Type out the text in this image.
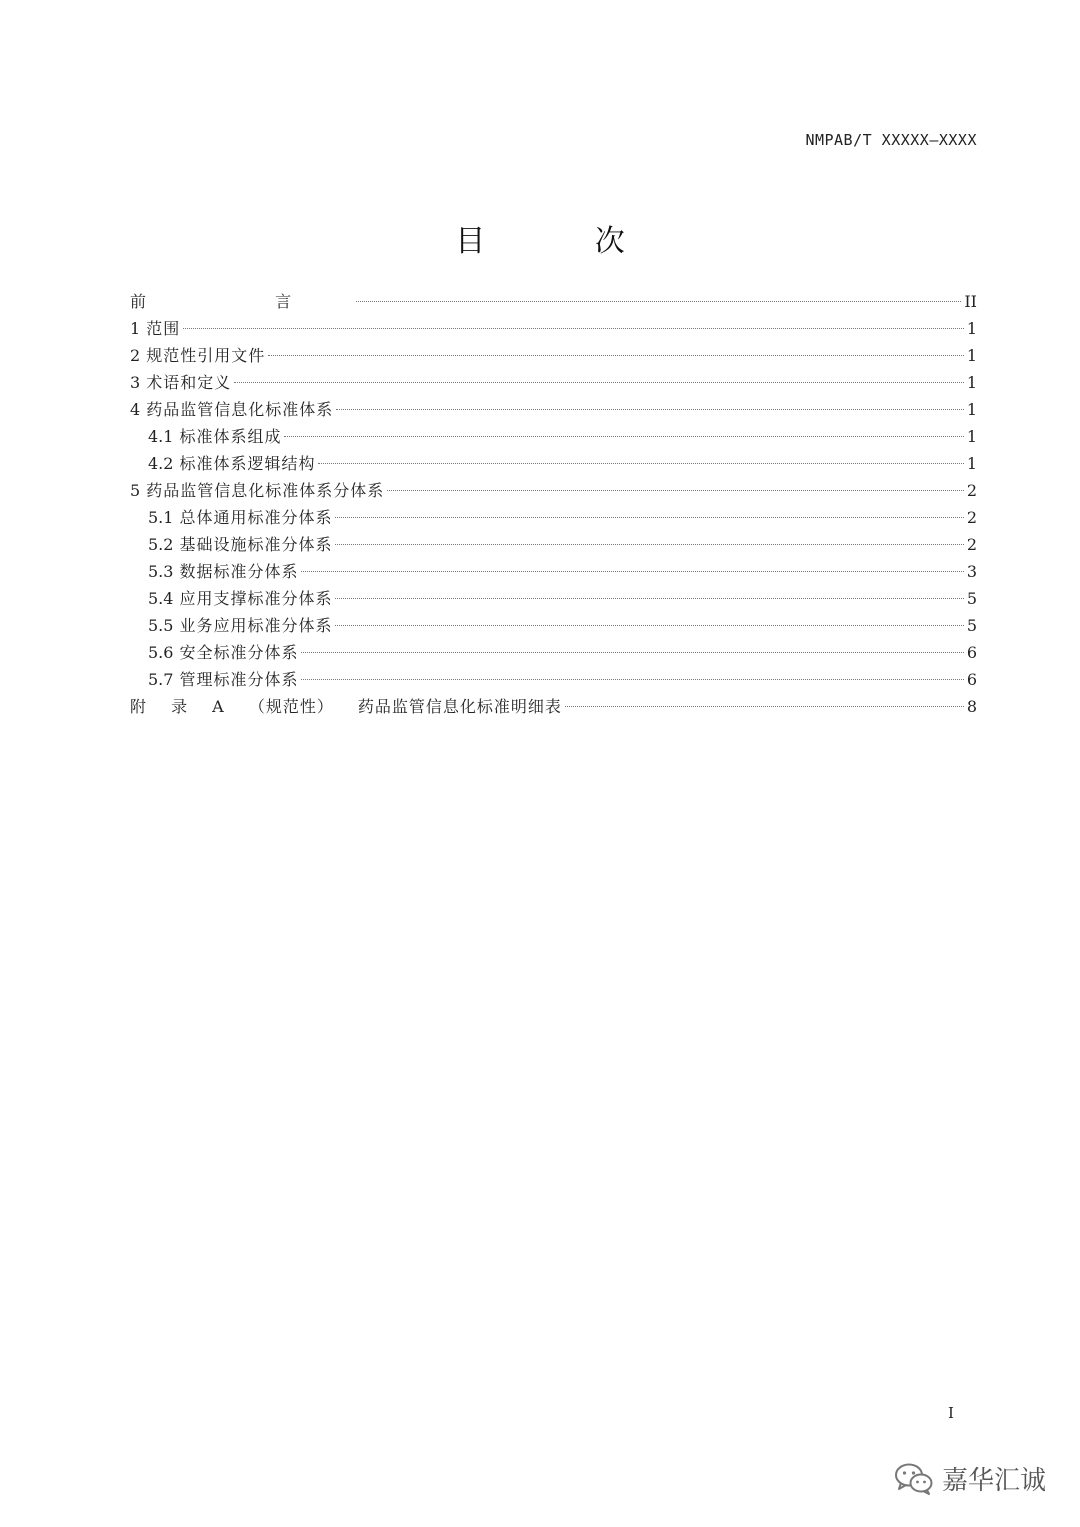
NMPAB/T XXXXX—XXXX
目 次
前 言	II
1 范围	1
2 规范性引用文件	1
3 术语和定义	1
4 药品监管信息化标准体系	1
4.1 标准体系组成	1
4.2 标准体系逻辑结构	1
5 药品监管信息化标准体系分体系	2
5.1 总体通用标准分体系	2
5.2 基础设施标准分体系	2
5.3 数据标准分体系	3
5.4 应用支撑标准分体系	5
5.5 业务应用标准分体系	5
5.6 安全标准分体系	6
5.7 管理标准分体系	6
附 录 A （规范性） 药品监管信息化标准明细表	8
I
嘉华汇诚
